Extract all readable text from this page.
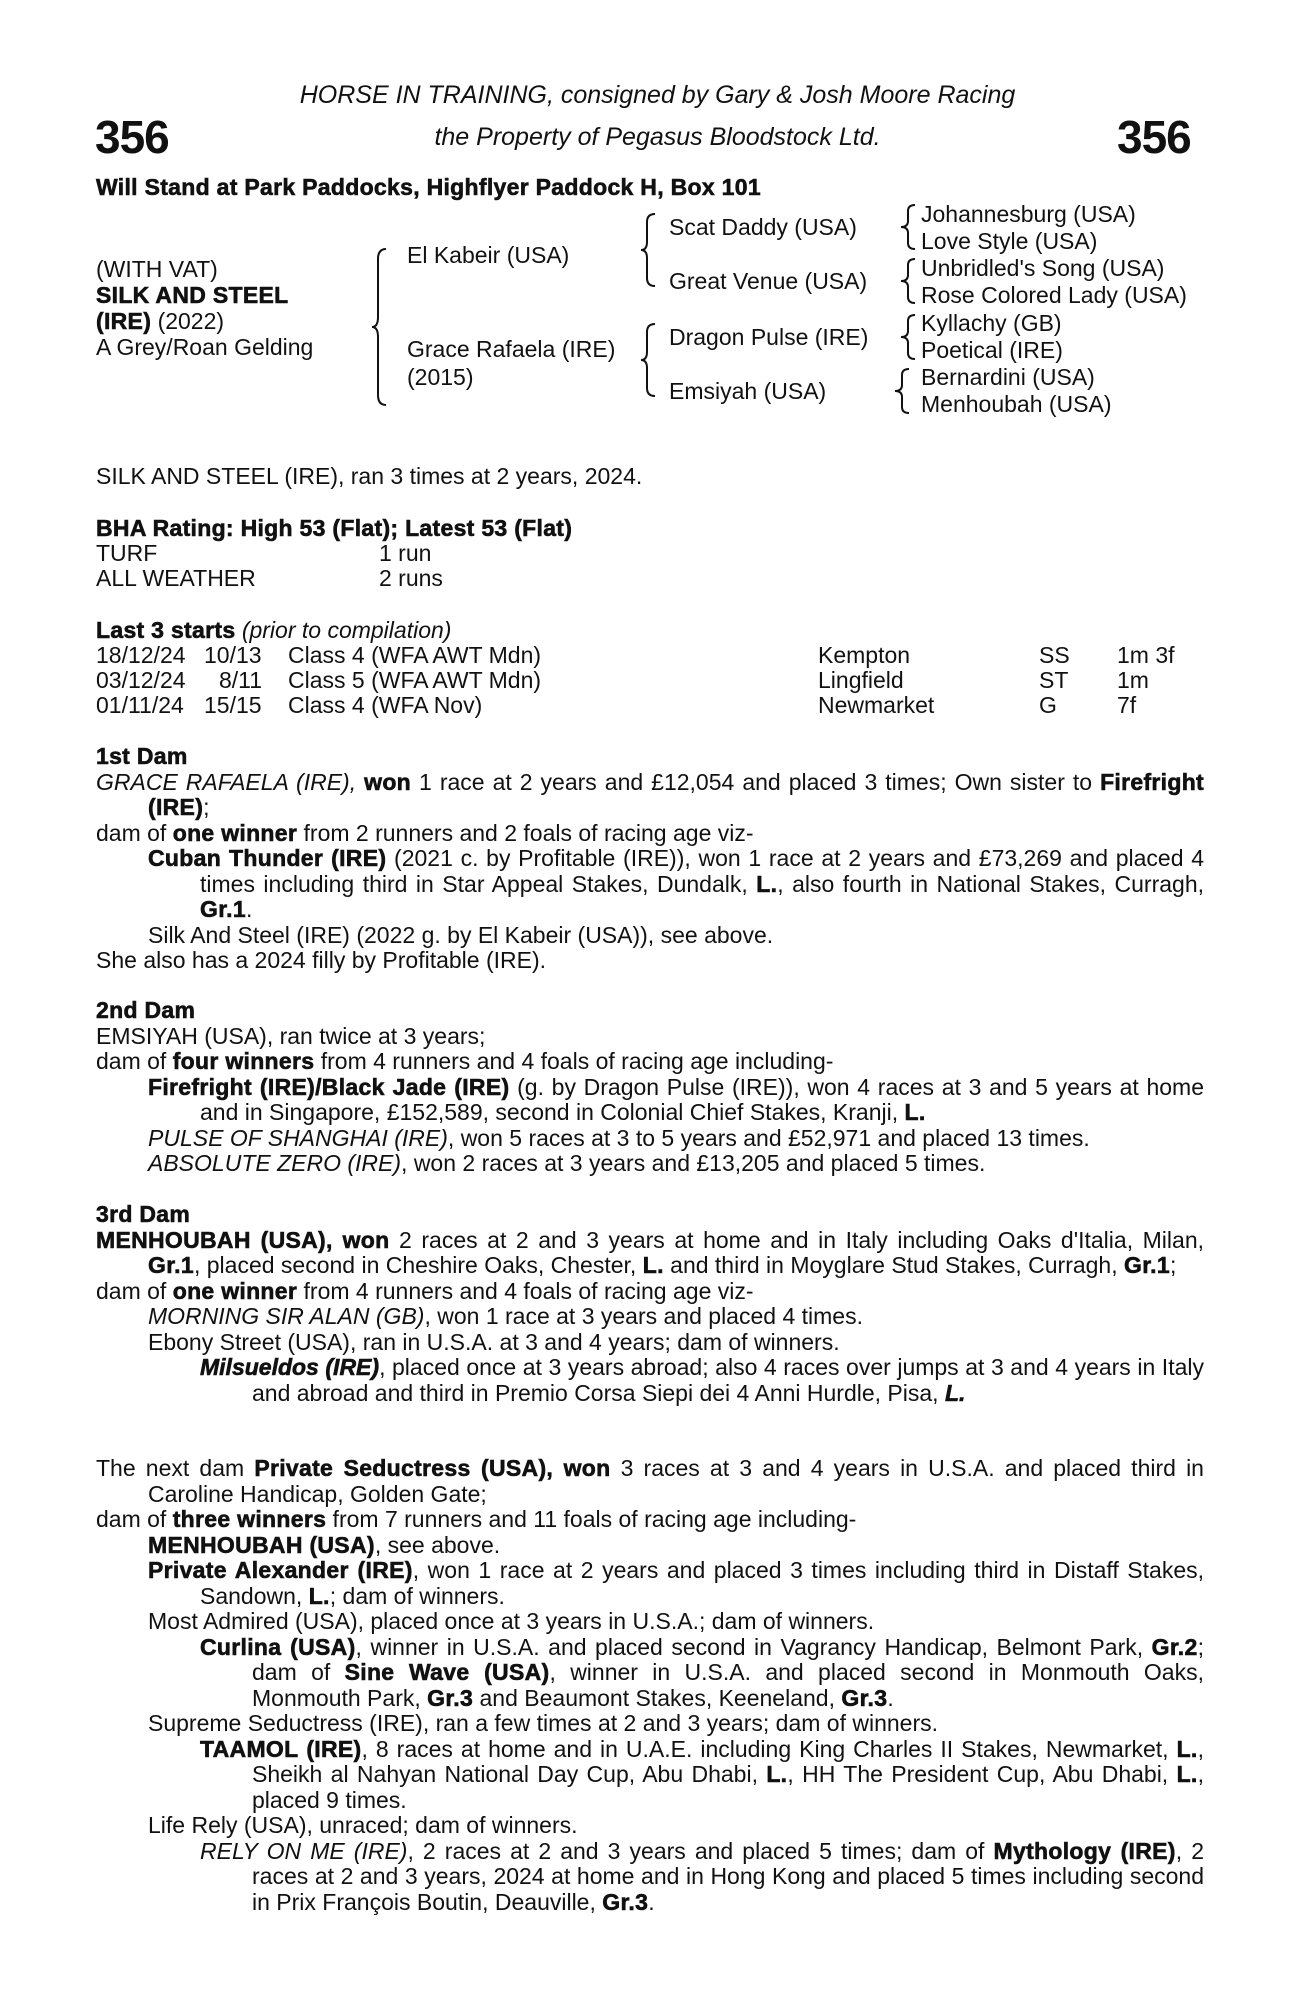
356	356
HORSE IN TRAINING, consigned by Gary & Josh Moore Racing
the Property of Pegasus Bloodstock Ltd.
Will Stand at Park Paddocks, Highflyer Paddock H, Box 101
(WITH VAT)
SILK AND STEEL
(IRE) (2022)
A Grey/Roan Gelding
El Kabeir (USA)
Grace Rafaela (IRE)
(2015)
Scat Daddy (USA)
Great Venue (USA)
Dragon Pulse (IRE)
Emsiyah (USA)
Johannesburg (USA)
Love Style (USA)
Unbridled's Song (USA)
Rose Colored Lady (USA)
Kyllachy (GB)
Poetical (IRE)
Bernardini (USA)
Menhoubah (USA)
SILK AND STEEL (IRE), ran 3 times at 2 years, 2024.
BHA Rating: High 53 (Flat); Latest 53 (Flat)
TURF	1 run
ALL WEATHER	2 runs
Last 3 starts (prior to compilation)
18/12/24 10/13 Class 4 (WFA AWT Mdn)	Kempton	SS 1m 3f
03/12/24 8/11 Class 5 (WFA AWT Mdn)	Lingfield	ST 1m
01/11/24 15/15 Class 4 (WFA Nov)	Newmarket	G	7f
1st Dam
GRACE RAFAELA (IRE), won 1 race at 2 years and £12,054 and placed 3 times; Own sister to Firefright (IRE);
dam of one winner from 2 runners and 2 foals of racing age viz-
Cuban Thunder (IRE) (2021 c. by Profitable (IRE)), won 1 race at 2 years and £73,269 and placed 4 times including third in Star Appeal Stakes, Dundalk, L., also fourth in National Stakes, Curragh, Gr.1.
Silk And Steel (IRE) (2022 g. by El Kabeir (USA)), see above.
She also has a 2024 filly by Profitable (IRE).
2nd Dam
EMSIYAH (USA), ran twice at 3 years;
dam of four winners from 4 runners and 4 foals of racing age including-
Firefright (IRE)/Black Jade (IRE) (g. by Dragon Pulse (IRE)), won 4 races at 3 and 5 years at home and in Singapore, £152,589, second in Colonial Chief Stakes, Kranji, L.
PULSE OF SHANGHAI (IRE), won 5 races at 3 to 5 years and £52,971 and placed 13 times.
ABSOLUTE ZERO (IRE), won 2 races at 3 years and £13,205 and placed 5 times.
3rd Dam
MENHOUBAH (USA), won 2 races at 2 and 3 years at home and in Italy including Oaks d'Italia, Milan, Gr.1, placed second in Cheshire Oaks, Chester, L. and third in Moyglare Stud Stakes, Curragh, Gr.1;
dam of one winner from 4 runners and 4 foals of racing age viz-
MORNING SIR ALAN (GB), won 1 race at 3 years and placed 4 times.
Ebony Street (USA), ran in U.S.A. at 3 and 4 years; dam of winners.
Milsueldos (IRE), placed once at 3 years abroad; also 4 races over jumps at 3 and 4 years in Italy and abroad and third in Premio Corsa Siepi dei 4 Anni Hurdle, Pisa, L.
The next dam Private Seductress (USA), won 3 races at 3 and 4 years in U.S.A. and placed third in Caroline Handicap, Golden Gate;
dam of three winners from 7 runners and 11 foals of racing age including-
MENHOUBAH (USA), see above.
Private Alexander (IRE), won 1 race at 2 years and placed 3 times including third in Distaff Stakes, Sandown, L.; dam of winners.
Most Admired (USA), placed once at 3 years in U.S.A.; dam of winners.
Curlina (USA), winner in U.S.A. and placed second in Vagrancy Handicap, Belmont Park, Gr.2; dam of Sine Wave (USA), winner in U.S.A. and placed second in Monmouth Oaks, Monmouth Park, Gr.3 and Beaumont Stakes, Keeneland, Gr.3.
Supreme Seductress (IRE), ran a few times at 2 and 3 years; dam of winners.
TAAMOL (IRE), 8 races at home and in U.A.E. including King Charles II Stakes, Newmarket, L., Sheikh al Nahyan National Day Cup, Abu Dhabi, L., HH The President Cup, Abu Dhabi, L., placed 9 times.
Life Rely (USA), unraced; dam of winners.
RELY ON ME (IRE), 2 races at 2 and 3 years and placed 5 times; dam of Mythology (IRE), 2 races at 2 and 3 years, 2024 at home and in Hong Kong and placed 5 times including second in Prix François Boutin, Deauville, Gr.3.
